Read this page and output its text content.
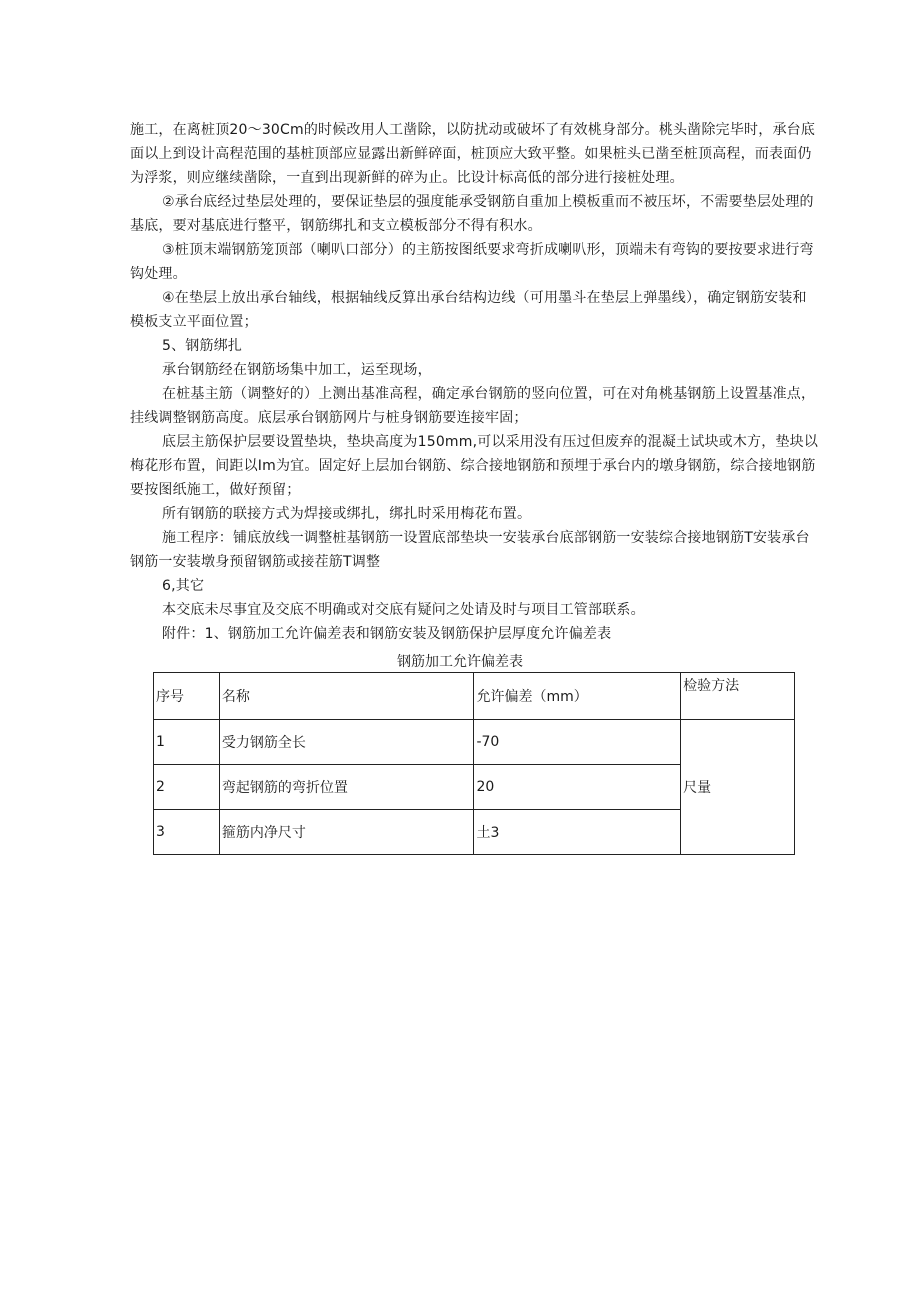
施工，在离桩顶20～30Cm的时候改用人工凿除，以防扰动或破坏了有效桃身部分。桃头凿除完毕时，承台底面以上到设计高程范围的基桩顶部应显露出新鲜碎面，桩顶应大致平整。如果桩头已凿至桩顶高程，而表面仍为浮浆，则应继续凿除，一直到出现新鲜的碎为止。比设计标高低的部分进行接桩处理。

②承台底经过垫层处理的，要保证垫层的强度能承受钢筋自重加上模板重而不被压坏，不需要垫层处理的基底，要对基底进行整平，钢筋绑扎和支立模板部分不得有积水。

③桩顶末端钢筋笼顶部（喇叭口部分）的主筋按图纸要求弯折成喇叭形，顶端未有弯钩的要按要求进行弯钩处理。

④在垫层上放出承台轴线，根据轴线反算出承台结构边线（可用墨斗在垫层上弹墨线），确定钢筋安装和模板支立平面位置；

5、钢筋绑扎

承台钢筋经在钢筋场集中加工，运至现场，

在桩基主筋（调整好的）上测出基准高程，确定承台钢筋的竖向位置，可在对角桃基钢筋上设置基准点，挂线调整钢筋高度。底层承台钢筋网片与桩身钢筋要连接牢固；

底层主筋保护层要设置垫块，垫块高度为150mm,可以采用没有压过但废弃的混凝土试块或木方，垫块以梅花形布置，间距以Im为宜。固定好上层加台钢筋、综合接地钢筋和预埋于承台内的墩身钢筋，综合接地钢筋要按图纸施工，做好预留；

所有钢筋的联接方式为焊接或绑扎，绑扎时采用梅花布置。

施工程序：铺底放线一调整桩基钢筋一设置底部垫块一安装承台底部钢筋一安装综合接地钢筋T安装承台钢筋一安装墩身预留钢筋或接茬筋T调整

6,其它

本交底未尽事宜及交底不明确或对交底有疑问之处请及时与项目工管部联系。

附件：1、钢筋加工允许偏差表和钢筋安装及钢筋保护层厚度允许偏差表

钢筋加工允许偏差表
序号	名称	允许偏差（mm）	检验方法
1	受力钢筋全长	-70	尺量
2	弯起钢筋的弯折位置	20	
3	箍筋内净尺寸	土3	
